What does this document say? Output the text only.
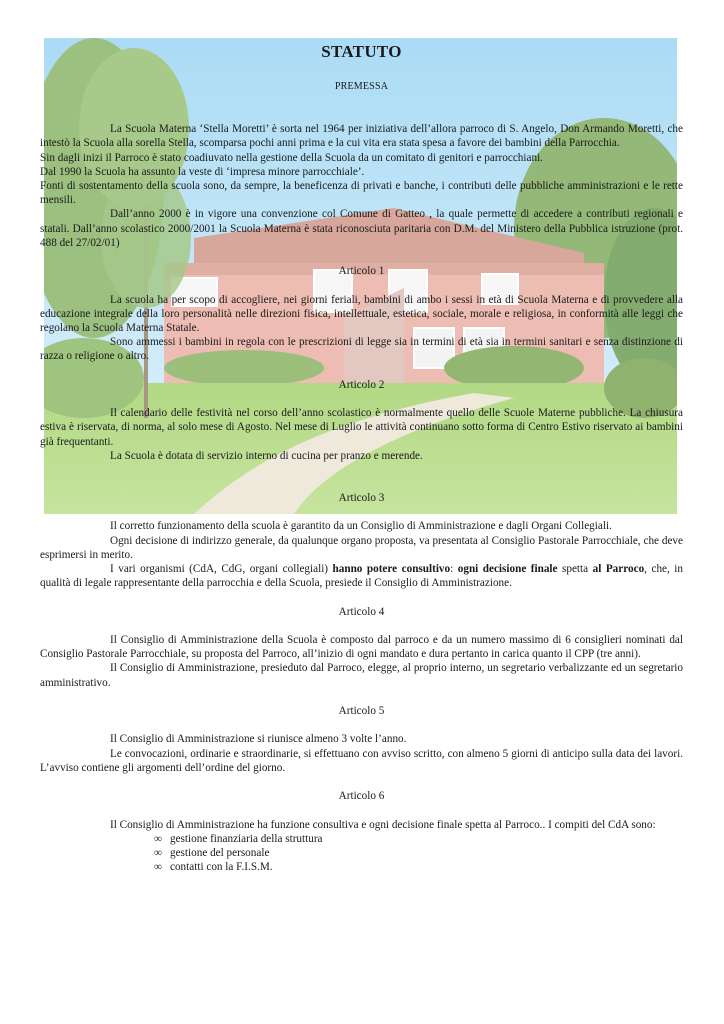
STATUTO
PREMESSA

La Scuola Materna ‘Stella Moretti’ è sorta nel 1964 per iniziativa dell’allora parroco di S. Angelo, Don Armando Moretti, che intestò la Scuola alla sorella Stella, scomparsa pochi anni prima e la cui vita era stata spesa a favore dei bambini della Parrocchia.

Sin dagli inizi il Parroco è stato coadiuvato nella gestione della Scuola da un comitato di genitori e parrocchiani.

Dal 1990 la Scuola ha assunto la veste di ‘impresa minore parrocchiale’.

Fonti di sostentamento della scuola sono, da sempre, la beneficenza di privati e banche, i contributi delle pubbliche amministrazioni e le rette mensili.

Dall’anno 2000 è in vigore una convenzione col Comune di Gatteo , la quale permette di accedere a contributi regionali e statali. Dall’anno scolastico 2000/2001 la Scuola Materna è stata riconosciuta paritaria con D.M. del Ministero della Pubblica istruzione (prot. 488 del 27/02/01)

Articolo 1

La scuola ha per scopo di accogliere, nei giorni feriali, bambini di ambo i sessi in età di Scuola Materna e di provvedere alla educazione integrale della loro personalità nelle direzioni fisica, intellettuale, estetica, sociale, morale e religiosa, in conformità alle leggi che regolano la Scuola Materna Statale.

Sono ammessi i bambini in regola con le prescrizioni di legge sia in termini di età sia in termini sanitari e senza distinzione di razza o religione o altro.

Articolo 2

Il calendario delle festività nel corso dell’anno scolastico è normalmente quello delle Scuole Materne pubbliche. La chiusura estiva è riservata, di norma, al solo mese di Agosto. Nel mese di Luglio le attività continuano sotto forma di Centro Estivo riservato ai bambini già frequentanti.

La Scuola è dotata di servizio interno di cucina per pranzo e merende.

Articolo 3

Il corretto funzionamento della scuola è garantito da un Consiglio di Amministrazione e dagli Organi Collegiali.

Ogni decisione di indirizzo generale, da qualunque organo proposta, va presentata al Consiglio Pastorale Parrocchiale, che deve esprimersi in merito.

I vari organismi (CdA, CdG, organi collegiali) hanno potere consultivo: ogni decisione finale spetta al Parroco, che, in qualità di legale rappresentante della parrocchia e della Scuola, presiede il Consiglio di Amministrazione.

Articolo 4

Il Consiglio di Amministrazione della Scuola è composto dal parroco e da un numero massimo di 6 consiglieri nominati dal Consiglio Pastorale Parrocchiale, su proposta del Parroco, all’inizio di ogni mandato e dura pertanto in carica quanto il CPP (tre anni).

Il Consiglio di Amministrazione, presieduto dal Parroco, elegge, al proprio interno, un segretario verbalizzante ed un segretario amministrativo.

Articolo 5

Il Consiglio di Amministrazione si riunisce almeno 3 volte l’anno.

Le convocazioni, ordinarie e straordinarie, si effettuano con avviso scritto, con almeno 5 giorni di anticipo sulla data dei lavori. L’avviso contiene gli argomenti dell’ordine del giorno.

Articolo 6

Il Consiglio di Amministrazione ha funzione consultiva e ogni decisione finale spetta al Parroco.. I compiti del CdA sono:

∞ gestione finanziaria della struttura
∞ gestione del personale
∞ contatti con la F.I.S.M.
